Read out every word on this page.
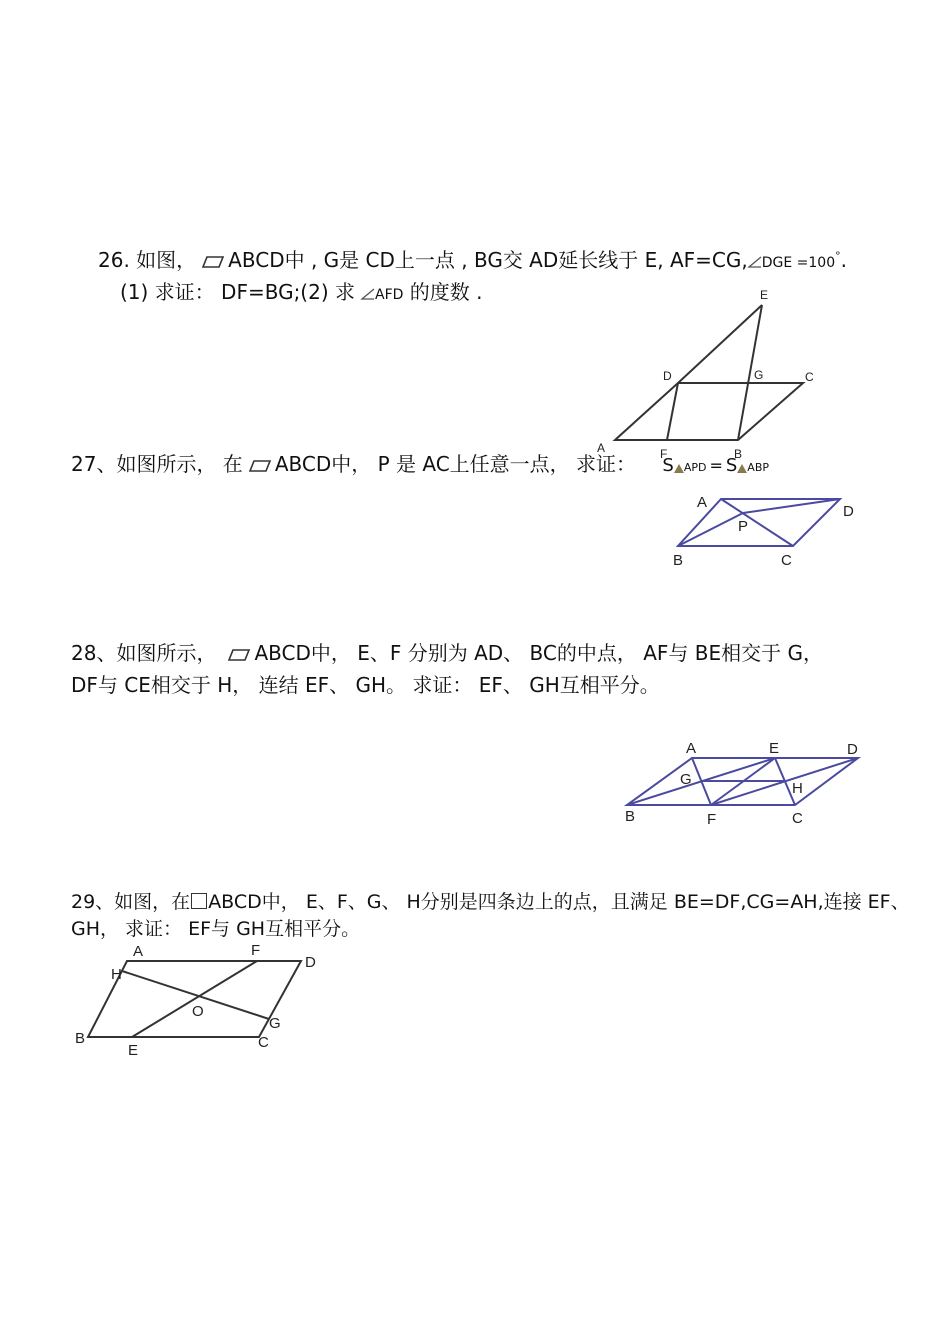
26. 如图， ABCD中 , G是 CD上一点 , BG交 AD延长线于 E, AF=CG, DGE =100°.
(1) 求证： DF=BG;(2) 求 AFD 的度数 .	E
D	G	C
A	F	B
27、如图所示， 在 ABCD中， P 是 AC上任意一点， 求证： S APD = S ABP
A
D
P
B	C
28、如图所示， ABCD中， E、F 分别为 AD、 BC的中点， AF与 BE相交于 G，
DF与 CE相交于 H， 连结 EF、 GH。 求证： EF、 GH互相平分。
A	E	D
G
H
B	F	C
29、如图，在 ABCD中， E、F、G、 H分别是四条边上的点，且满足 BE=DF,CG=AH,连接 EF、
GH， 求证： EF与 GH互相平分。
A	F
D
H
O
G
B
E	C
